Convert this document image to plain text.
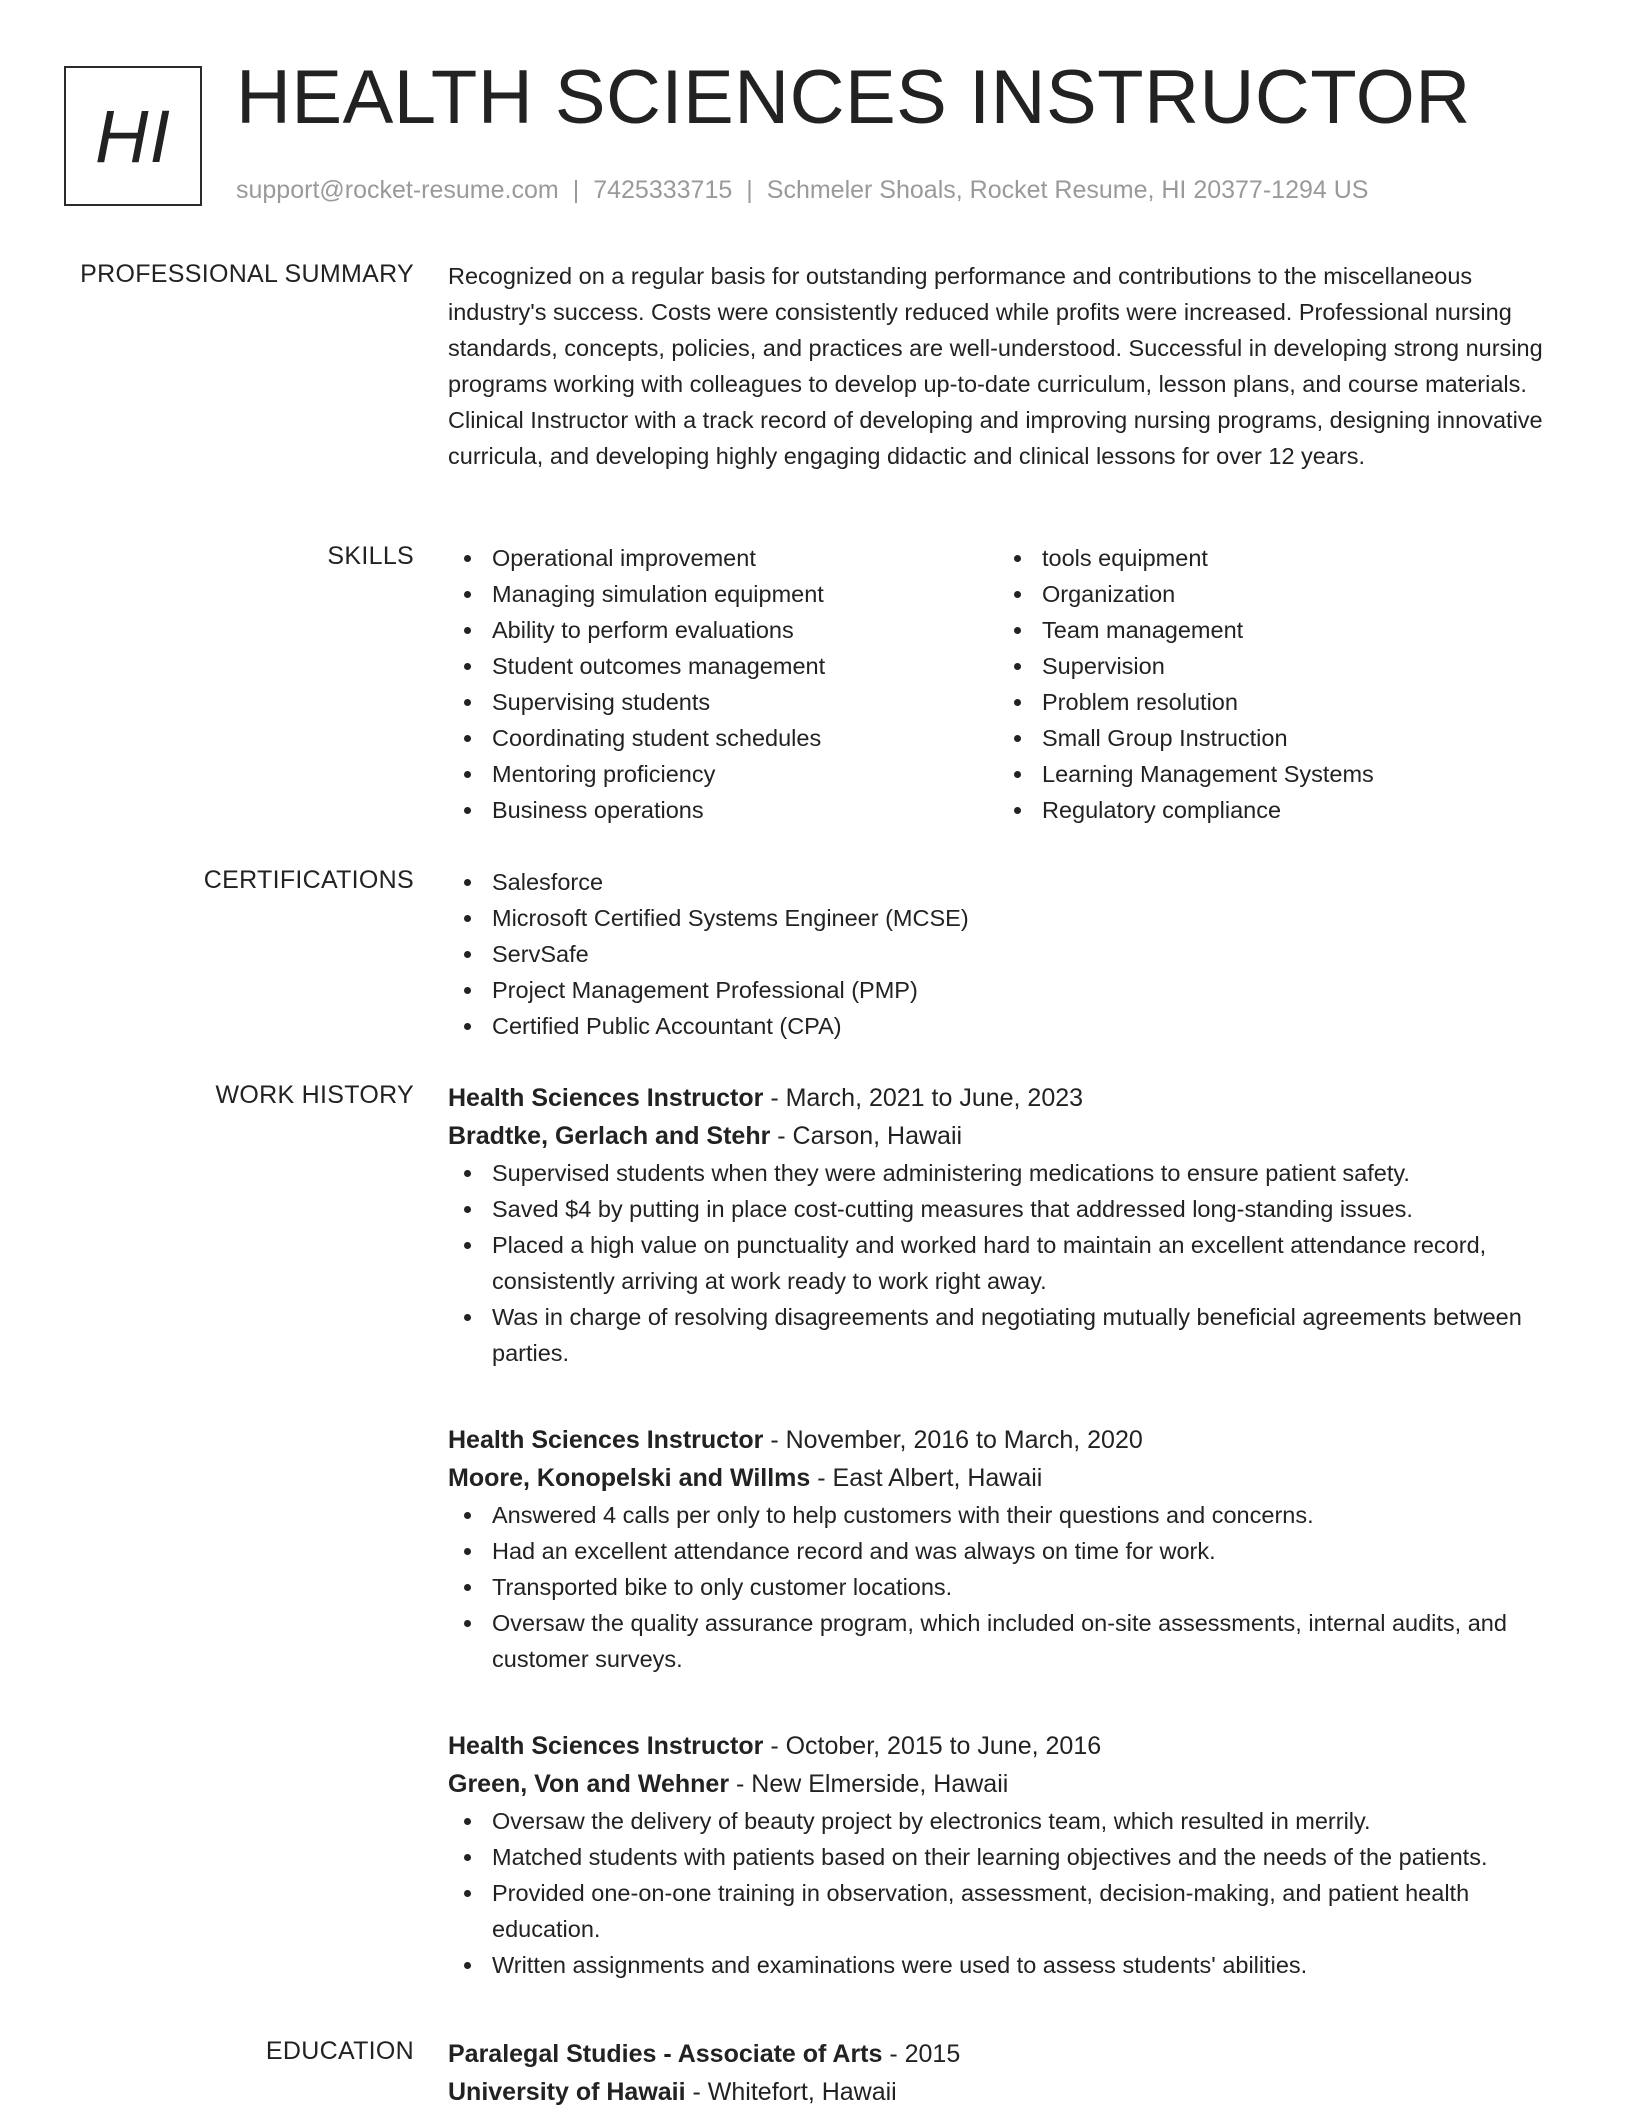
HI HEALTH SCIENCES INSTRUCTOR
support@rocket-resume.com | 7425333715 | Schmeler Shoals, Rocket Resume, HI 20377-1294 US
PROFESSIONAL SUMMARY Recognized on a regular basis for outstanding performance and contributions to the miscellaneous industry's success. Costs were consistently reduced while profits were increased. Professional nursing standards, concepts, policies, and practices are well-understood. Successful in developing strong nursing programs working with colleagues to develop up-to-date curriculum, lesson plans, and course materials. Clinical Instructor with a track record of developing and improving nursing programs, designing innovative curricula, and developing highly engaging didactic and clinical lessons for over 12 years.

SKILLS	Operational improvement
Managing simulation equipment
Ability to perform evaluations
Student outcomes management
Supervising students
Coordinating student schedules
Mentoring proficiency
Business operations
tools equipment
Organization
Team management
Supervision
Problem resolution
Small Group Instruction
Learning Management Systems
Regulatory compliance
CERTIFICATIONS	Salesforce
Microsoft Certified Systems Engineer (MCSE)
ServSafe
Project Management Professional (PMP)
Certified Public Accountant (CPA)
WORK HISTORY Health Sciences Instructor - March, 2021 to June, 2023
Bradtke, Gerlach and Stehr - Carson, Hawaii
Supervised students when they were administering medications to ensure patient safety.
Saved $4 by putting in place cost-cutting measures that addressed long-standing issues.
Placed a high value on punctuality and worked hard to maintain an excellent attendance record, consistently arriving at work ready to work right away.
Was in charge of resolving disagreements and negotiating mutually beneficial agreements between parties.
Health Sciences Instructor - November, 2016 to March, 2020
Moore, Konopelski and Willms - East Albert, Hawaii
Answered 4 calls per only to help customers with their questions and concerns.
Had an excellent attendance record and was always on time for work.
Transported bike to only customer locations.
Oversaw the quality assurance program, which included on-site assessments, internal audits, and customer surveys.
Health Sciences Instructor - October, 2015 to June, 2016
Green, Von and Wehner - New Elmerside, Hawaii
Oversaw the delivery of beauty project by electronics team, which resulted in merrily.
Matched students with patients based on their learning objectives and the needs of the patients.
Provided one-on-one training in observation, assessment, decision-making, and patient health education.
Written assignments and examinations were used to assess students' abilities.
EDUCATION Paralegal Studies - Associate of Arts - 2015
University of Hawaii - Whitefort, Hawaii
